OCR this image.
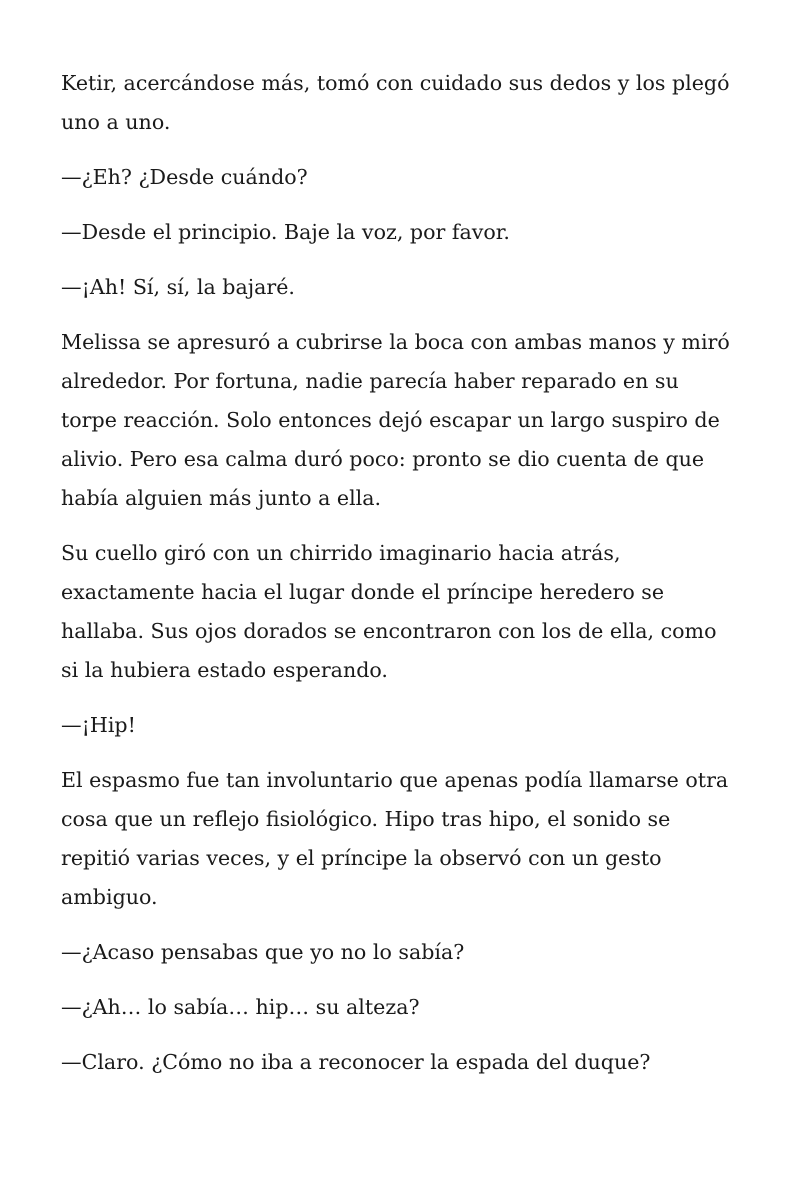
Ketir, acercándose más, tomó con cuidado sus dedos y los plegó uno a uno.

—¿Eh? ¿Desde cuándo?

—Desde el principio. Baje la voz, por favor.

—¡Ah! Sí, sí, la bajaré.

Melissa se apresuró a cubrirse la boca con ambas manos y miró alrededor. Por fortuna, nadie parecía haber reparado en su torpe reacción. Solo entonces dejó escapar un largo suspiro de alivio. Pero esa calma duró poco: pronto se dio cuenta de que había alguien más junto a ella.

Su cuello giró con un chirrido imaginario hacia atrás, exactamente hacia el lugar donde el príncipe heredero se hallaba. Sus ojos dorados se encontraron con los de ella, como si la hubiera estado esperando.

—¡Hip!

El espasmo fue tan involuntario que apenas podía llamarse otra cosa que un reflejo fisiológico. Hipo tras hipo, el sonido se repitió varias veces, y el príncipe la observó con un gesto ambiguo.

—¿Acaso pensabas que yo no lo sabía?

—¿Ah… lo sabía… hip… su alteza?

—Claro. ¿Cómo no iba a reconocer la espada del duque?
